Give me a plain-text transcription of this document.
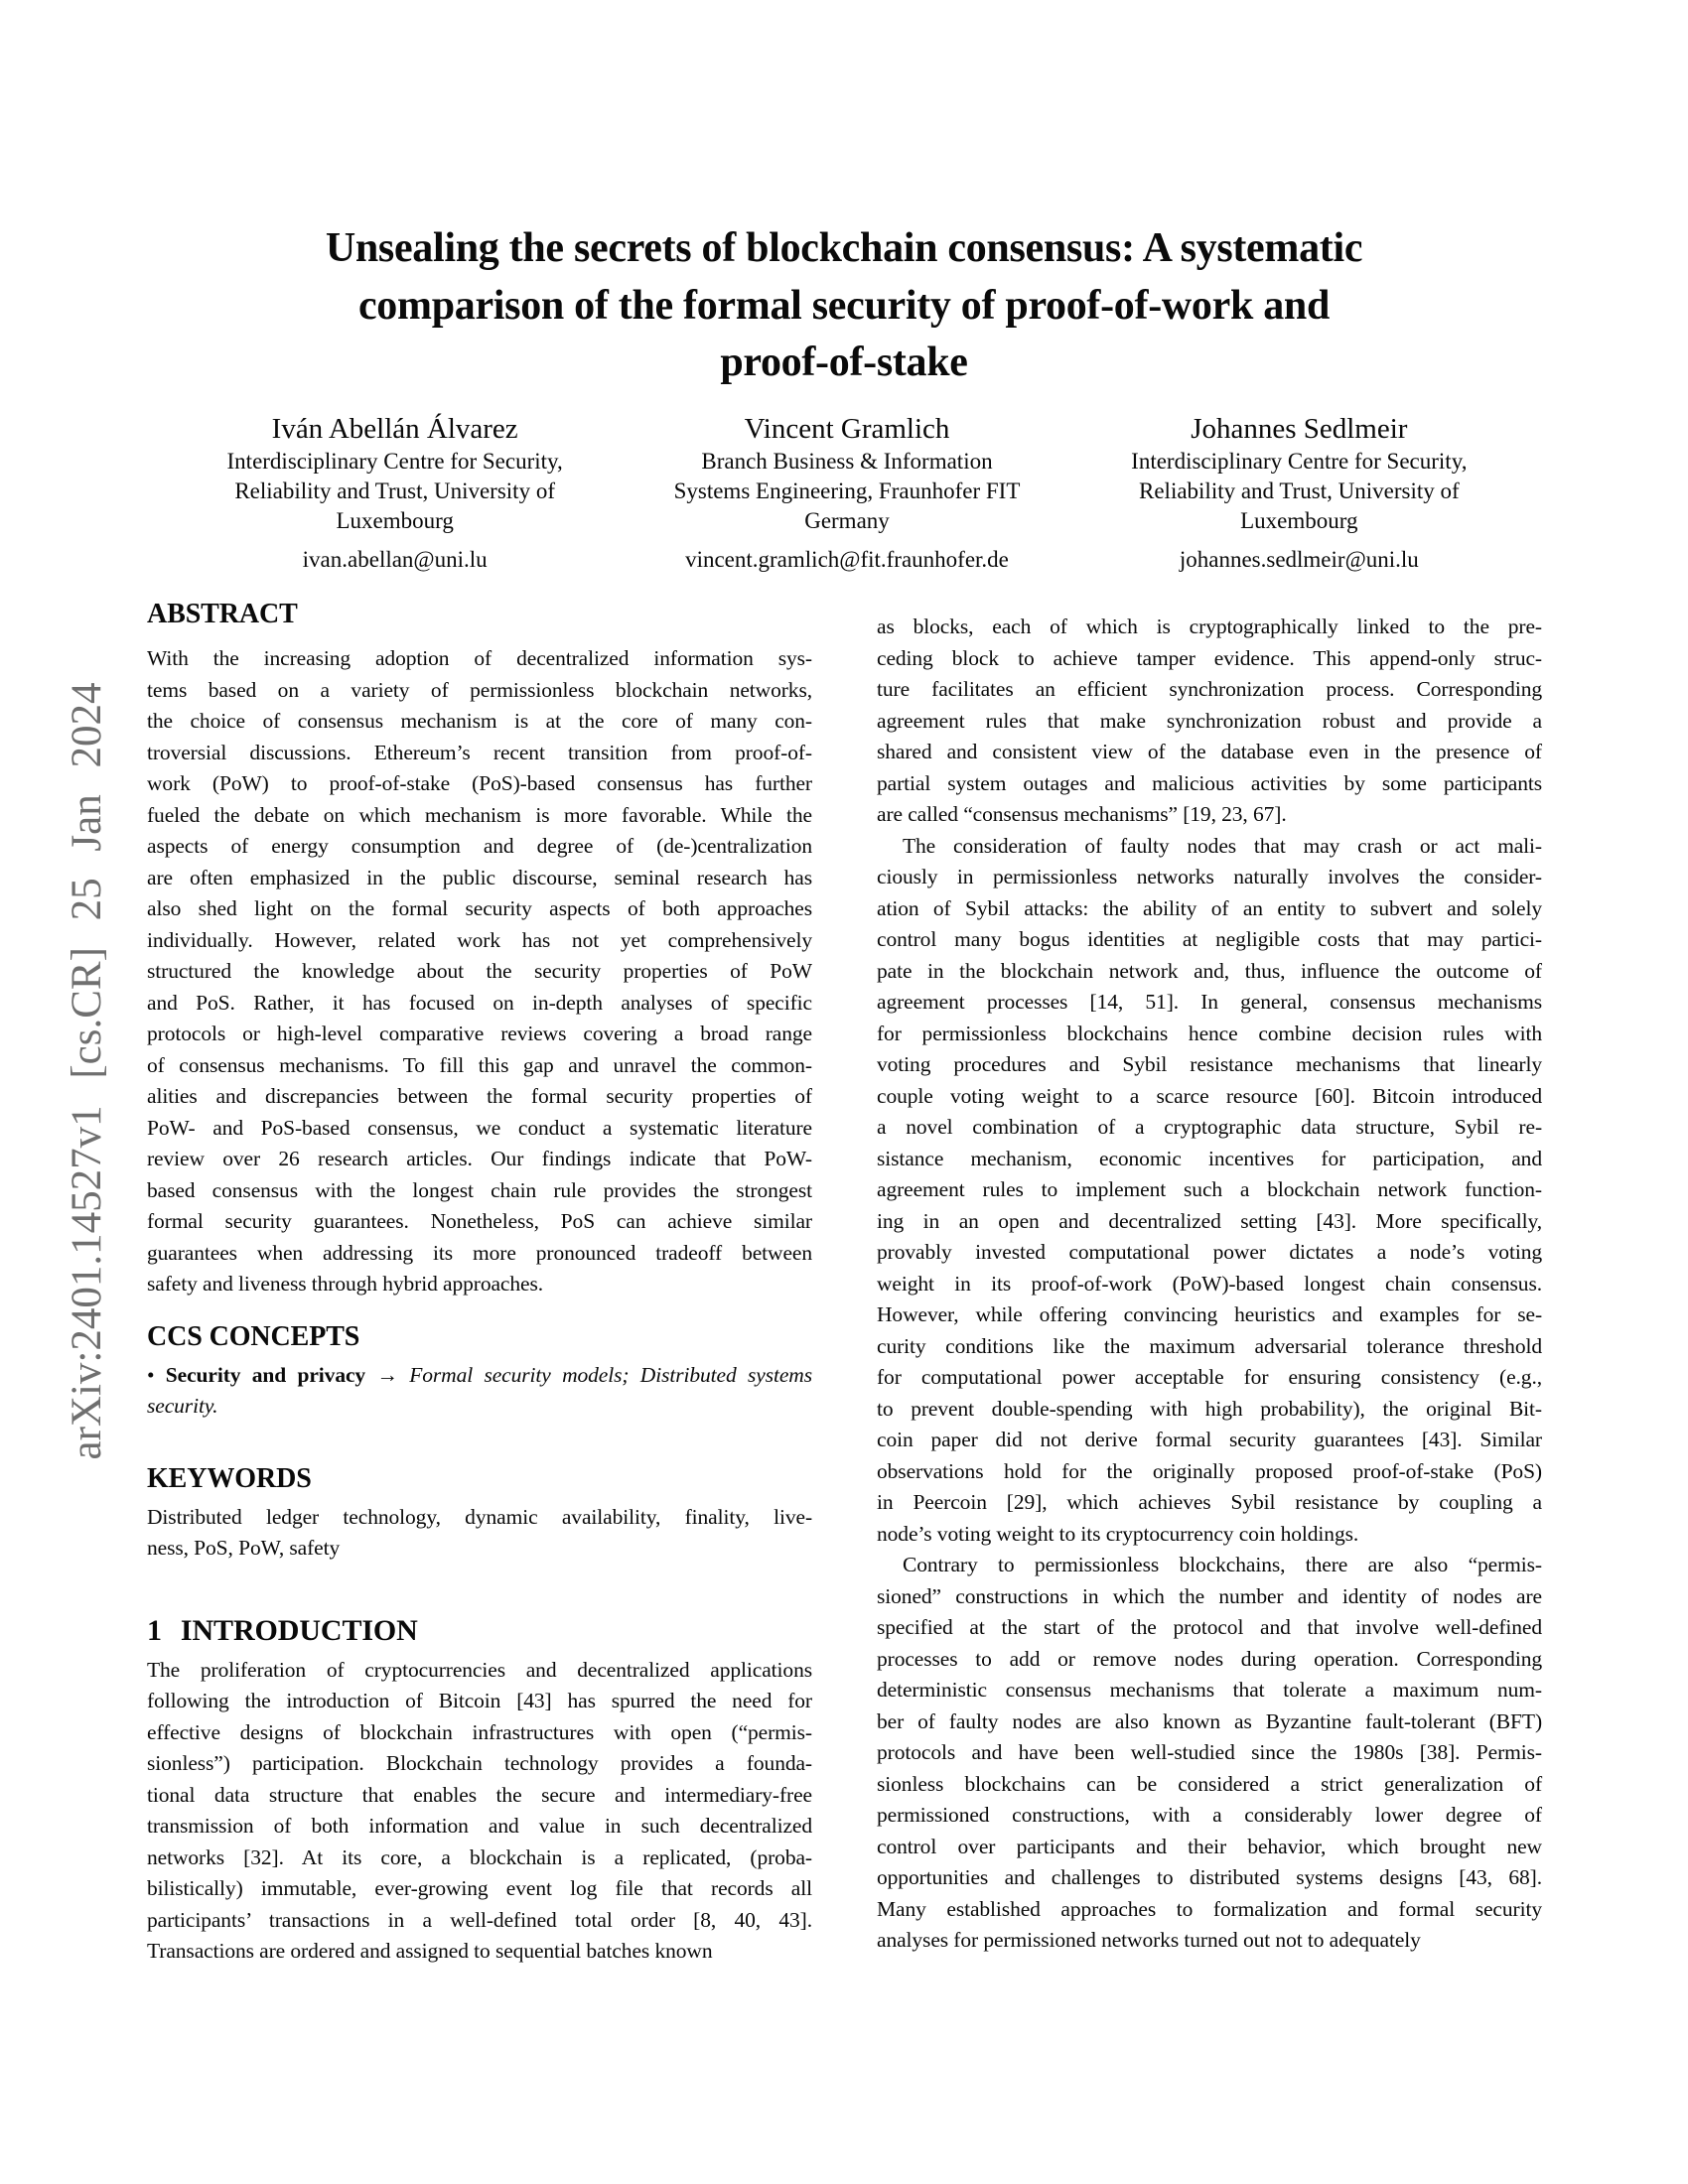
arXiv:2401.14527v1 [cs.CR] 25 Jan 2024
Unsealing the secrets of blockchain consensus: A systematic
comparison of the formal security of proof-of-work and
proof-of-stake
Iván Abellán Álvarez
Interdisciplinary Centre for Security,
Reliability and Trust, University of
Luxembourg
ivan.abellan@uni.lu
Vincent Gramlich
Branch Business & Information
Systems Engineering, Fraunhofer FIT
Germany
vincent.gramlich@fit.fraunhofer.de
Johannes Sedlmeir
Interdisciplinary Centre for Security,
Reliability and Trust, University of
Luxembourg
johannes.sedlmeir@uni.lu
ABSTRACT
With the increasing adoption of decentralized information sys-
tems based on a variety of permissionless blockchain networks,
the choice of consensus mechanism is at the core of many con-
troversial discussions. Ethereum’s recent transition from proof-of-
work (PoW) to proof-of-stake (PoS)-based consensus has further
fueled the debate on which mechanism is more favorable. While the
aspects of energy consumption and degree of (de-)centralization
are often emphasized in the public discourse, seminal research has
also shed light on the formal security aspects of both approaches
individually. However, related work has not yet comprehensively
structured the knowledge about the security properties of PoW
and PoS. Rather, it has focused on in-depth analyses of specific
protocols or high-level comparative reviews covering a broad range
of consensus mechanisms. To fill this gap and unravel the common-
alities and discrepancies between the formal security properties of
PoW- and PoS-based consensus, we conduct a systematic literature
review over 26 research articles. Our findings indicate that PoW-
based consensus with the longest chain rule provides the strongest
formal security guarantees. Nonetheless, PoS can achieve similar
guarantees when addressing its more pronounced tradeoff between
safety and liveness through hybrid approaches.
CCS CONCEPTS
• Security and privacy → Formal security models; Distributed systems security.
KEYWORDS
Distributed ledger technology, dynamic availability, finality, live-
ness, PoS, PoW, safety
1 INTRODUCTION
The proliferation of cryptocurrencies and decentralized applications
following the introduction of Bitcoin [43] has spurred the need for
effective designs of blockchain infrastructures with open (“permis-
sionless”) participation. Blockchain technology provides a founda-
tional data structure that enables the secure and intermediary-free
transmission of both information and value in such decentralized
networks [32]. At its core, a blockchain is a replicated, (proba-
bilistically) immutable, ever-growing event log file that records all
participants’ transactions in a well-defined total order [8, 40, 43].
Transactions are ordered and assigned to sequential batches known
as blocks, each of which is cryptographically linked to the pre-
ceding block to achieve tamper evidence. This append-only struc-
ture facilitates an efficient synchronization process. Corresponding
agreement rules that make synchronization robust and provide a
shared and consistent view of the database even in the presence of
partial system outages and malicious activities by some participants
are called “consensus mechanisms” [19, 23, 67].
The consideration of faulty nodes that may crash or act mali-
ciously in permissionless networks naturally involves the consider-
ation of Sybil attacks: the ability of an entity to subvert and solely
control many bogus identities at negligible costs that may partici-
pate in the blockchain network and, thus, influence the outcome of
agreement processes [14, 51]. In general, consensus mechanisms
for permissionless blockchains hence combine decision rules with
voting procedures and Sybil resistance mechanisms that linearly
couple voting weight to a scarce resource [60]. Bitcoin introduced
a novel combination of a cryptographic data structure, Sybil re-
sistance mechanism, economic incentives for participation, and
agreement rules to implement such a blockchain network function-
ing in an open and decentralized setting [43]. More specifically,
provably invested computational power dictates a node’s voting
weight in its proof-of-work (PoW)-based longest chain consensus.
However, while offering convincing heuristics and examples for se-
curity conditions like the maximum adversarial tolerance threshold
for computational power acceptable for ensuring consistency (e.g.,
to prevent double-spending with high probability), the original Bit-
coin paper did not derive formal security guarantees [43]. Similar
observations hold for the originally proposed proof-of-stake (PoS)
in Peercoin [29], which achieves Sybil resistance by coupling a
node’s voting weight to its cryptocurrency coin holdings.
Contrary to permissionless blockchains, there are also “permis-
sioned” constructions in which the number and identity of nodes are
specified at the start of the protocol and that involve well-defined
processes to add or remove nodes during operation. Corresponding
deterministic consensus mechanisms that tolerate a maximum num-
ber of faulty nodes are also known as Byzantine fault-tolerant (BFT)
protocols and have been well-studied since the 1980s [38]. Permis-
sionless blockchains can be considered a strict generalization of
permissioned constructions, with a considerably lower degree of
control over participants and their behavior, which brought new
opportunities and challenges to distributed systems designs [43, 68].
Many established approaches to formalization and formal security
analyses for permissioned networks turned out not to adequately
